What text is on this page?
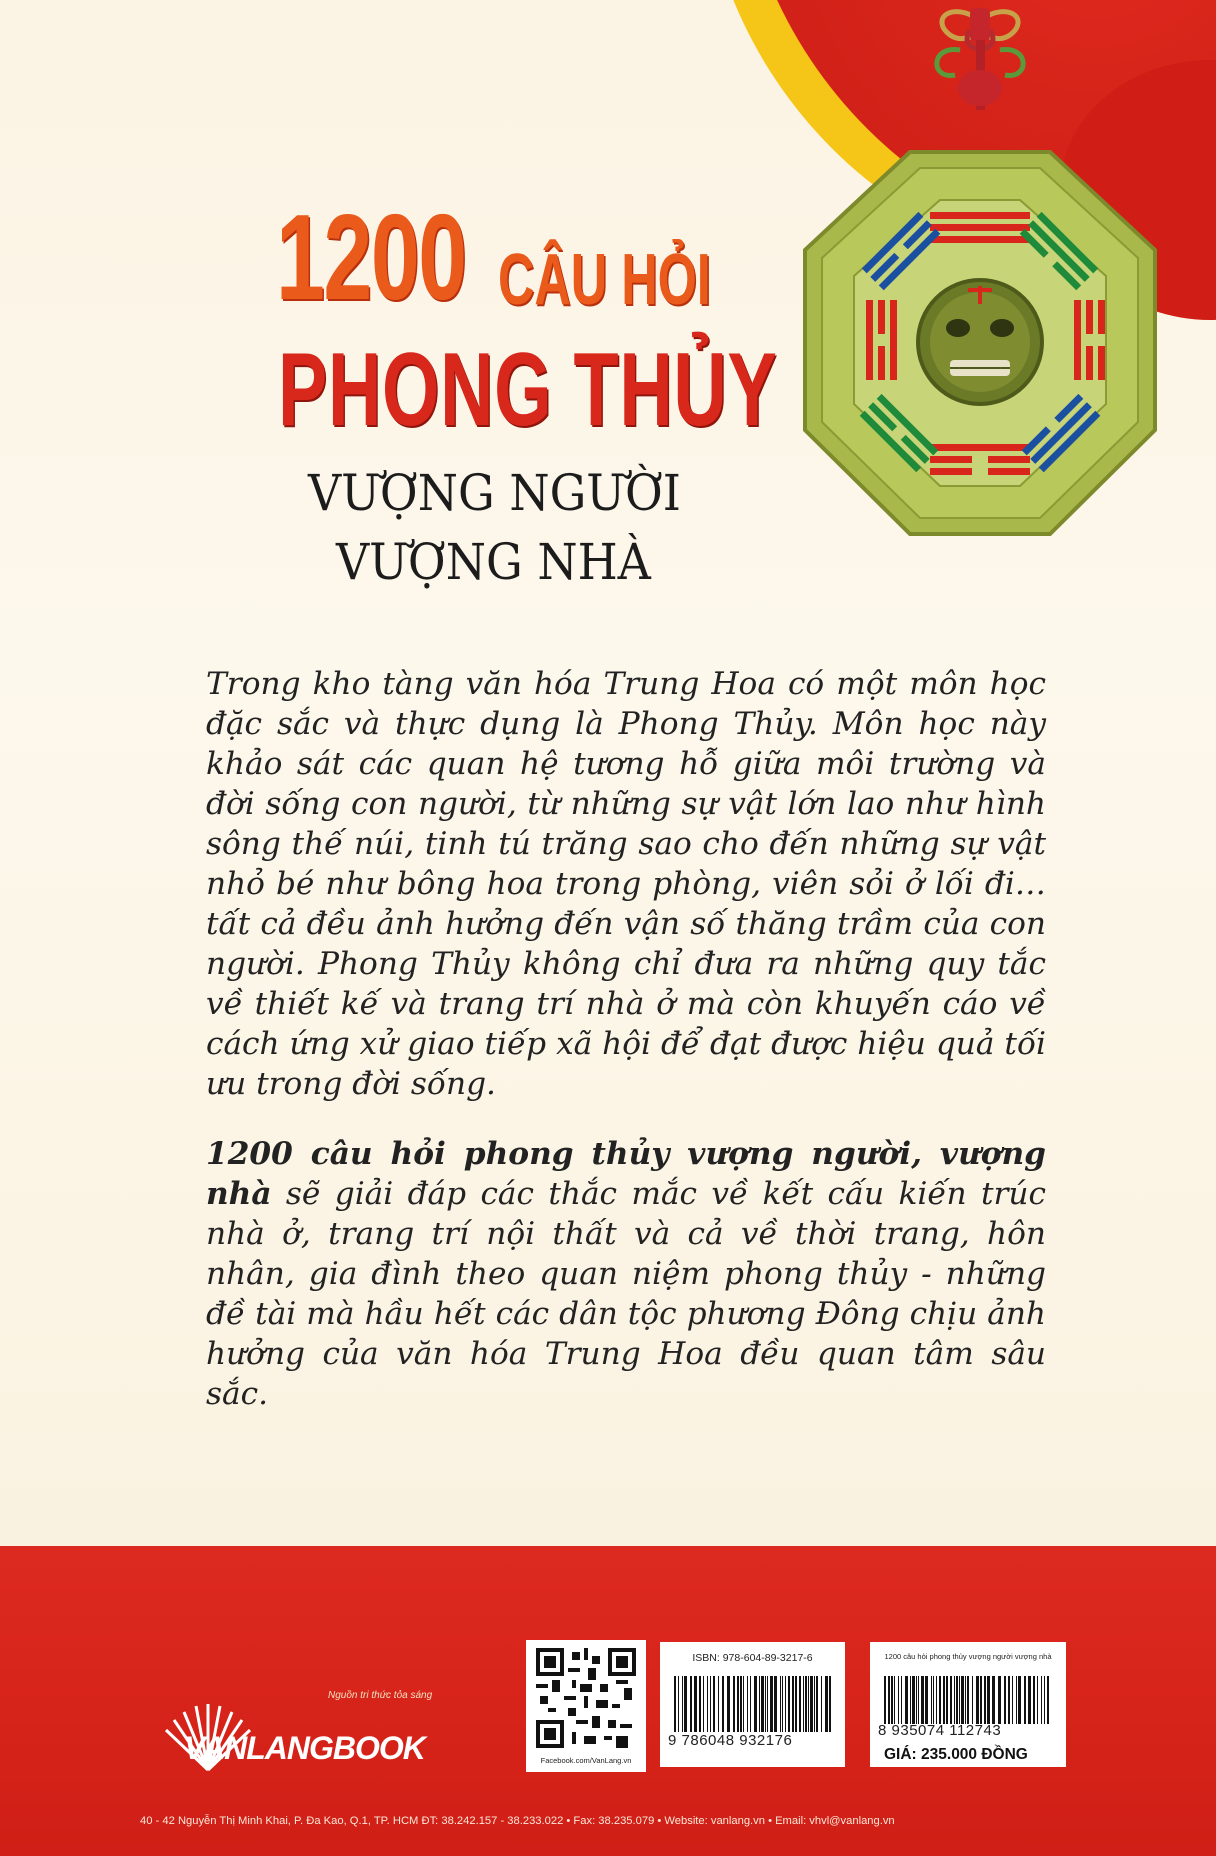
1200 CÂU HỎI
PHONG THỦY
VƯỢNG NGƯỜI
VƯỢNG NHÀ

Trong kho tàng văn hóa Trung Hoa có một môn học đặc sắc và thực dụng là Phong Thủy. Môn học này khảo sát các quan hệ tương hỗ giữa môi trường và đời sống con người, từ những sự vật lớn lao như hình sông thế núi, tinh tú trăng sao cho đến những sự vật nhỏ bé như bông hoa trong phòng, viên sỏi ở lối đi… tất cả đều ảnh hưởng đến vận số thăng trầm của con người. Phong Thủy không chỉ đưa ra những quy tắc về thiết kế và trang trí nhà ở mà còn khuyến cáo về cách ứng xử giao tiếp xã hội để đạt được hiệu quả tối ưu trong đời sống.

1200 câu hỏi phong thủy vượng người, vượng nhà sẽ giải đáp các thắc mắc về kết cấu kiến trúc nhà ở, trang trí nội thất và cả về thời trang, hôn nhân, gia đình theo quan niệm phong thủy - những đề tài mà hầu hết các dân tộc phương Đông chịu ảnh hưởng của văn hóa Trung Hoa đều quan tâm sâu sắc.

Nguồn tri thức tỏa sáng

VANLANGBOOK	Facebook.com/VanLang.vn

ISBN: 978-604-89-3217-6

9 786048 932176

1200 câu hỏi phong thủy vượng người vượng nhà

8 935074 112743

GIÁ: 235.000 ĐỒNG

40 - 42 Nguyễn Thị Minh Khai, P. Đa Kao, Q.1, TP. HCM ĐT: 38.242.157 - 38.233.022 • Fax: 38.235.079 • Website: vanlang.vn • Email: vhvl@vanlang.vn
